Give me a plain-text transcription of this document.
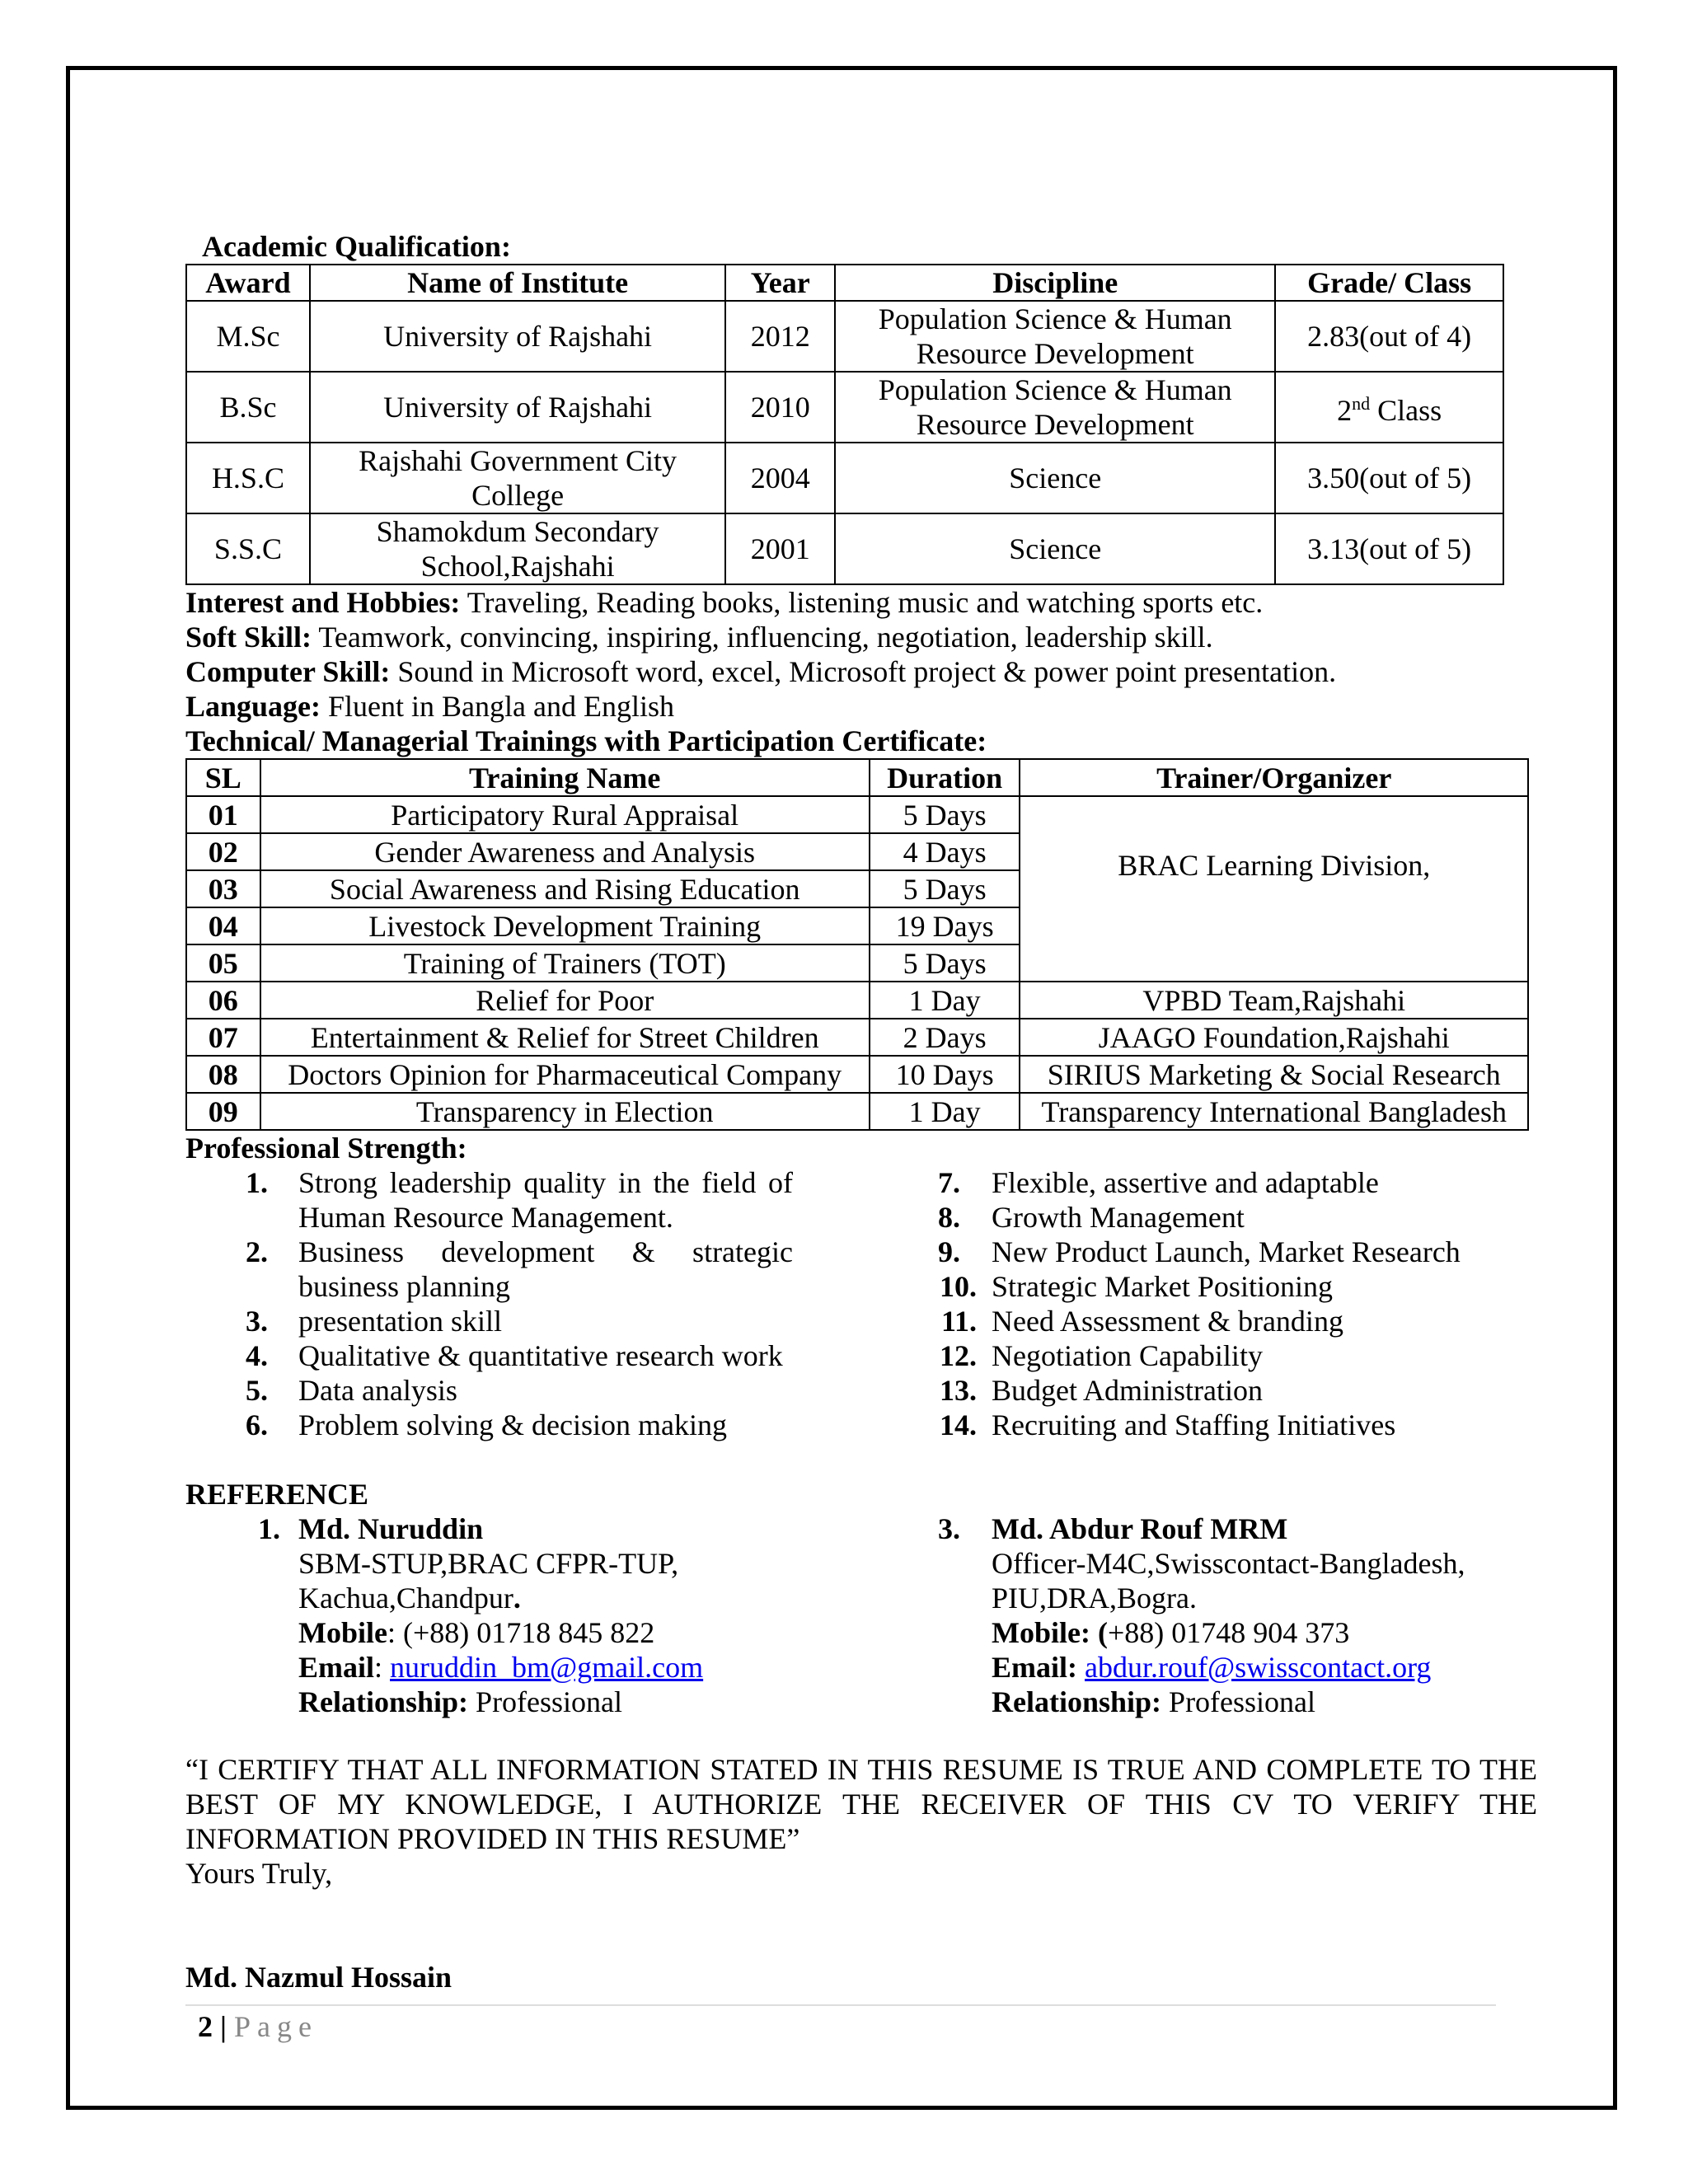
Academic Qualification:
Award	Name of Institute	Year	Discipline	Grade/ Class
M.Sc	University of Rajshahi	2012	Population Science & Human Resource Development	2.83(out of 4)
B.Sc	University of Rajshahi	2010	Population Science & Human Resource Development	2nd Class
H.S.C	Rajshahi Government City College	2004	Science	3.50(out of 5)
S.S.C	Shamokdum Secondary School,Rajshahi	2001	Science	3.13(out of 5)
Interest and Hobbies: Traveling, Reading books, listening music and watching sports etc.
Soft Skill: Teamwork, convincing, inspiring, influencing, negotiation, leadership skill.
Computer Skill: Sound in Microsoft word, excel, Microsoft project & power point presentation.
Language: Fluent in Bangla and English
Technical/ Managerial Trainings with Participation Certificate:
SL	Training Name	Duration	Trainer/Organizer
01	Participatory Rural Appraisal	5 Days	BRAC Learning Division,
02	Gender Awareness and Analysis	4 Days	
03	Social Awareness and Rising Education	5 Days	
04	Livestock Development Training	19 Days	
05	Training of Trainers (TOT)	5 Days	
06	Relief for Poor	1 Day	VPBD Team,Rajshahi
07	Entertainment & Relief for Street Children	2 Days	JAAGO Foundation,Rajshahi
08	Doctors Opinion for Pharmaceutical Company	10 Days	SIRIUS Marketing & Social Research
09	Transparency in Election	1 Day	Transparency International Bangladesh
Professional Strength:
1. Strong leadership quality in the field of
Human Resource Management.
2. Business development & strategic
business planning
3. presentation skill
4. Qualitative & quantitative research work
5. Data analysis
6. Problem solving & decision making
7. Flexible, assertive and adaptable
8. Growth Management
9. New Product Launch, Market Research
10. Strategic Market Positioning
11. Need Assessment & branding
12. Negotiation Capability
13. Budget Administration
14. Recruiting and Staffing Initiatives
REFERENCE
1. Md. Nuruddin
SBM-STUP,BRAC CFPR-TUP,
Kachua,Chandpur.
Mobile: (+88) 01718 845 822
Email: nuruddin_bm@gmail.com
Relationship: Professional
3. Md. Abdur Rouf MRM
Officer-M4C,Swisscontact-Bangladesh,
PIU,DRA,Bogra.
Mobile: (+88) 01748 904 373
Email: abdur.rouf@swisscontact.org
Relationship: Professional
“I CERTIFY THAT ALL INFORMATION STATED IN THIS RESUME IS TRUE AND COMPLETE TO THE BEST OF MY KNOWLEDGE, I AUTHORIZE THE RECEIVER OF THIS CV TO VERIFY THE INFORMATION PROVIDED IN THIS RESUME”
Yours Truly,
Md. Nazmul Hossain
2 | Page
